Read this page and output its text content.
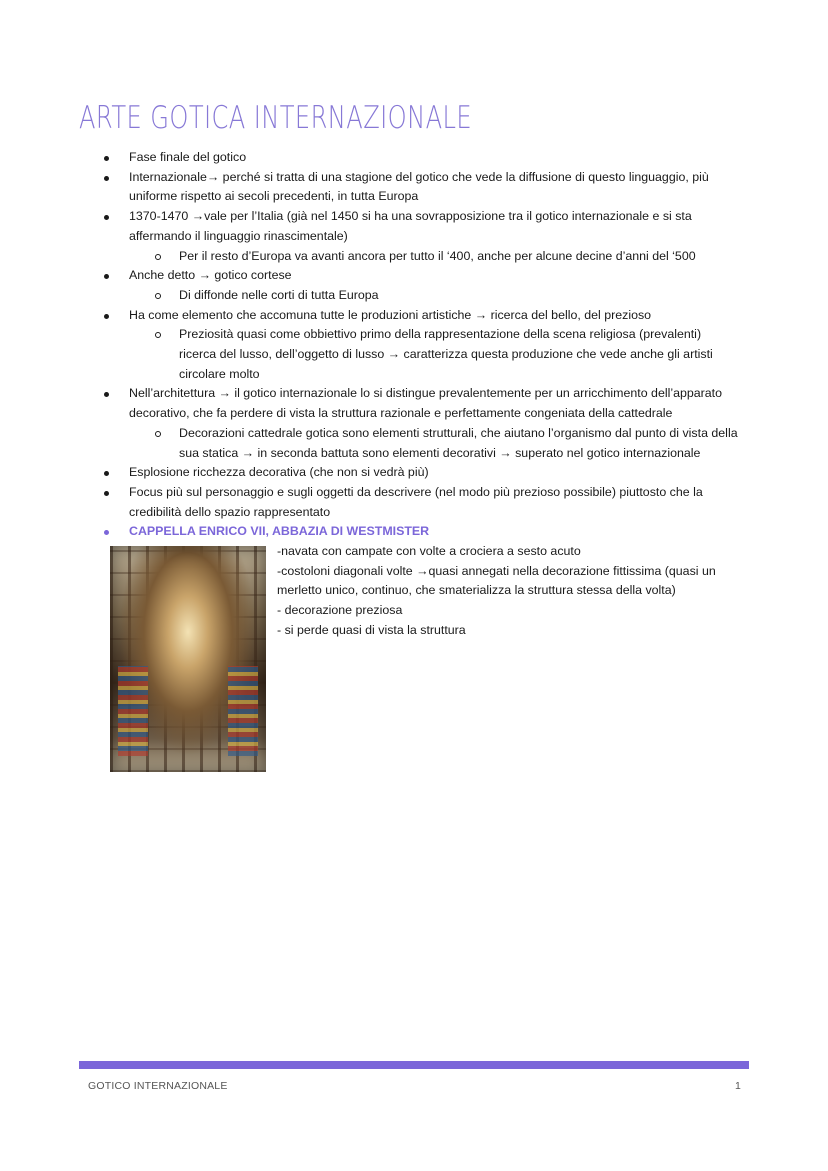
ARTE GOTICA INTERNAZIONALE
Fase finale del gotico
Internazionale→ perché si tratta di una stagione del gotico che vede la diffusione di questo linguaggio, più uniforme rispetto ai secoli precedenti, in tutta Europa
1370-1470 →vale per l’Italia (già nel 1450 si ha una sovrapposizione tra il gotico internazionale e si sta affermando il linguaggio rinascimentale)
Per il resto d’Europa va avanti ancora per tutto il ‘400, anche per alcune decine d’anni del ‘500
Anche detto → gotico cortese
Di diffonde nelle corti di tutta Europa
Ha come elemento che accomuna tutte le produzioni artistiche → ricerca del bello, del prezioso
Preziosità quasi come obbiettivo primo della rappresentazione della scena religiosa (prevalenti) ricerca del lusso, dell’oggetto di lusso → caratterizza questa produzione che vede anche gli artisti circolare molto
Nell’architettura → il gotico internazionale lo si distingue prevalentemente per un arricchimento dell’apparato decorativo, che fa perdere di vista la struttura razionale e perfettamente congeniata della cattedrale
Decorazioni cattedrale gotica sono elementi strutturali, che aiutano l’organismo dal punto di vista della sua statica → in seconda battuta sono elementi decorativi → superato nel gotico internazionale
Esplosione ricchezza decorativa (che non si vedrà più)
Focus più sul personaggio e sugli oggetti da descrivere (nel modo più prezioso possibile) piuttosto che la credibilità dello spazio rappresentato
CAPPELLA ENRICO VII, ABBAZIA DI WESTMISTER
-navata con campate con volte a crociera a sesto acuto
-costoloni diagonali volte →quasi annegati nella decorazione fittissima (quasi un merletto unico, continuo, che smaterializza la struttura stessa della volta)
- decorazione preziosa
- si perde quasi di vista la struttura
GOTICO INTERNAZIONALE	1
